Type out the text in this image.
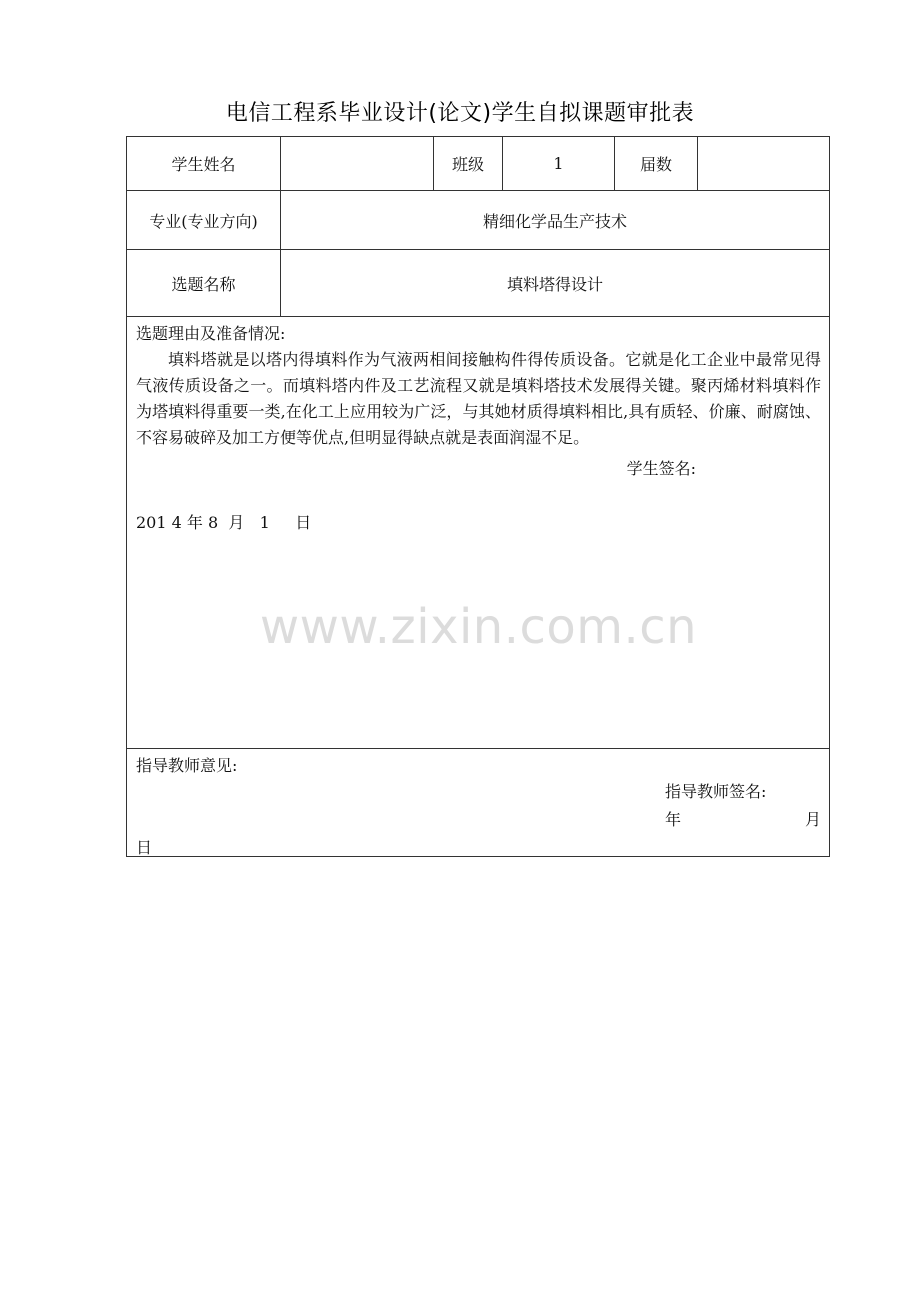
电信工程系毕业设计(论文)学生自拟课题审批表
学生姓名		班级	1	届数	
专业(专业方向)	精细化学品生产技术				
选题名称	填料塔得设计				

选题理由及准备情况:
填料塔就是以塔内得填料作为气液两相间接触构件得传质设备。它就是化工企业中最常见得气液传质设备之一。而填料塔内件及工艺流程又就是填料塔技术发展得关键。聚丙烯材料填料作为塔填料得重要一类,在化工上应用较为广泛，与其她材质得填料相比,具有质轻、价廉、耐腐蚀、不容易破碎及加工方便等优点,但明显得缺点就是表面润湿不足。
学生签名:
201 4 年 8  月   1     日
www.zixin.com.cn					

指导教师意见:
指导教师签名:
年 月
日					
